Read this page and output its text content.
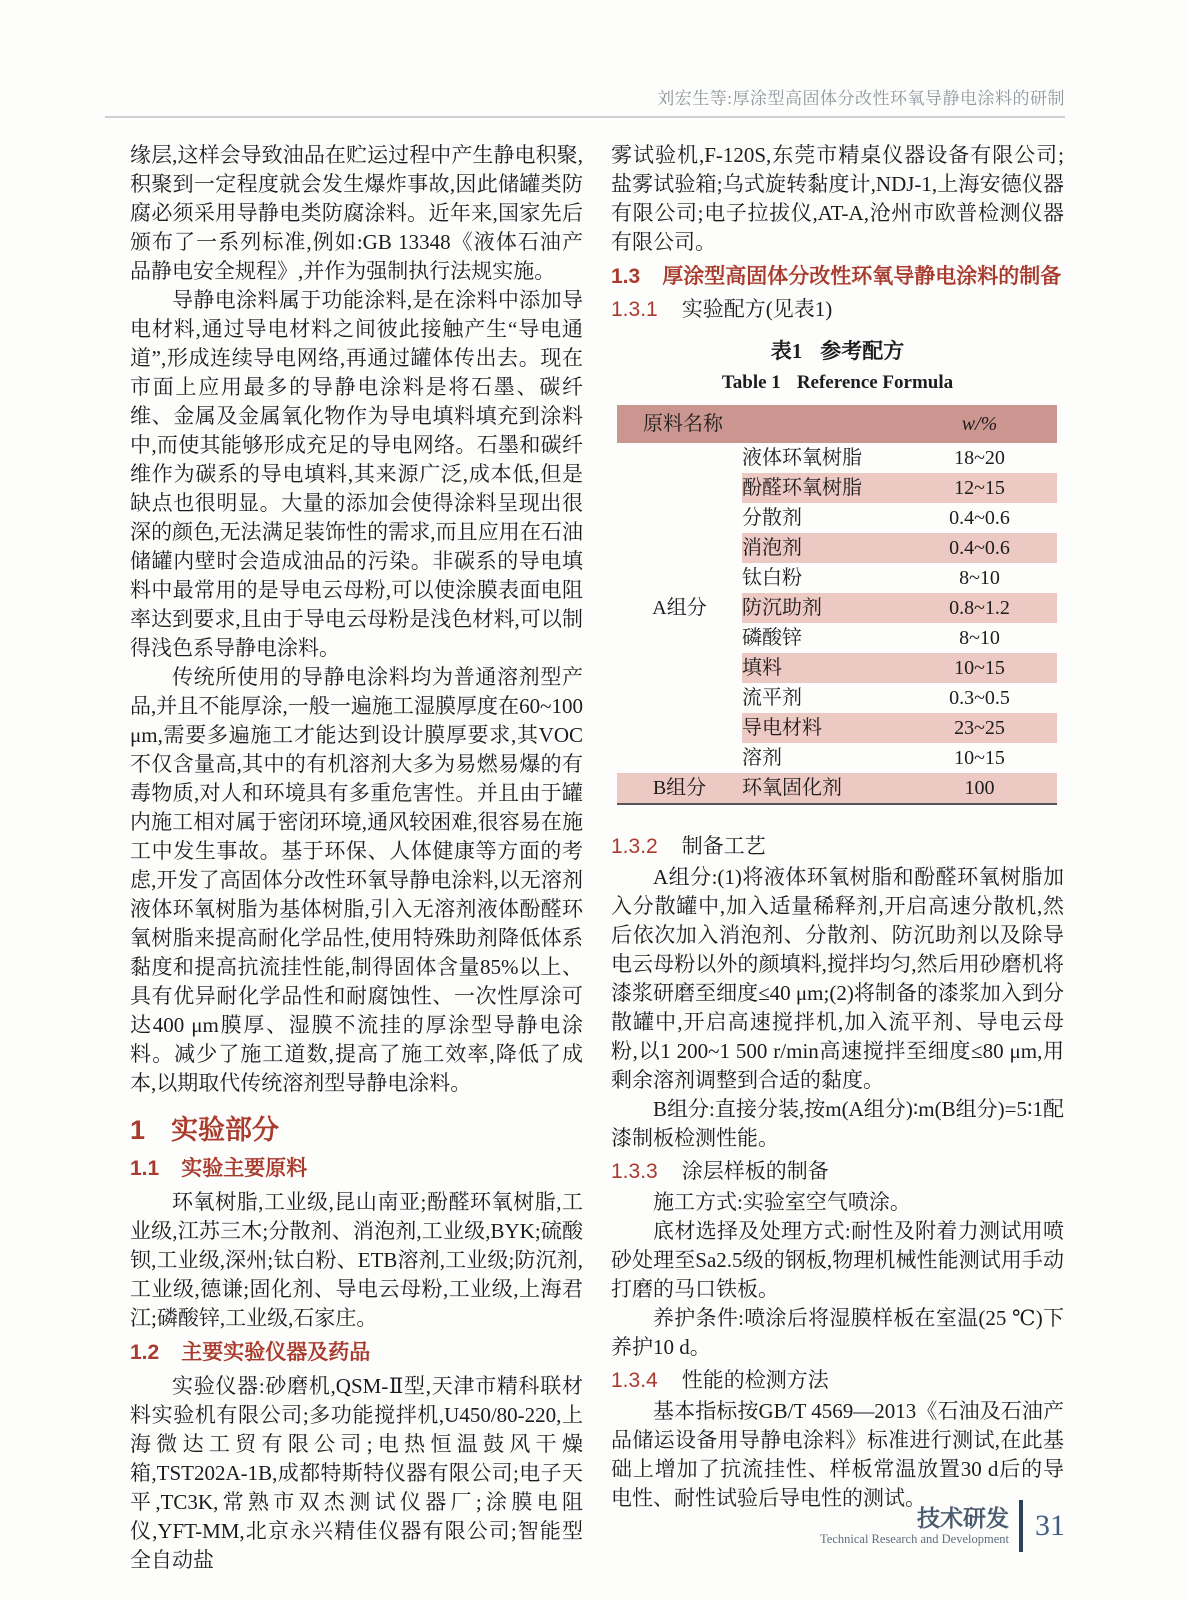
刘宏生等:厚涂型高固体分改性环氧导静电涂料的研制

缘层,这样会导致油品在贮运过程中产生静电积聚,积聚到一定程度就会发生爆炸事故,因此储罐类防腐必须采用导静电类防腐涂料。近年来,国家先后颁布了一系列标准,例如:GB 13348《液体石油产品静电安全规程》,并作为强制执行法规实施。

导静电涂料属于功能涂料,是在涂料中添加导电材料,通过导电材料之间彼此接触产生“导电通道”,形成连续导电网络,再通过罐体传出去。现在市面上应用最多的导静电涂料是将石墨、碳纤维、金属及金属氧化物作为导电填料填充到涂料中,而使其能够形成充足的导电网络。石墨和碳纤维作为碳系的导电填料,其来源广泛,成本低,但是缺点也很明显。大量的添加会使得涂料呈现出很深的颜色,无法满足装饰性的需求,而且应用在石油储罐内壁时会造成油品的污染。非碳系的导电填料中最常用的是导电云母粉,可以使涂膜表面电阻率达到要求,且由于导电云母粉是浅色材料,可以制得浅色系导静电涂料。

传统所使用的导静电涂料均为普通溶剂型产品,并且不能厚涂,一般一遍施工湿膜厚度在60~100 μm,需要多遍施工才能达到设计膜厚要求,其VOC不仅含量高,其中的有机溶剂大多为易燃易爆的有毒物质,对人和环境具有多重危害性。并且由于罐内施工相对属于密闭环境,通风较困难,很容易在施工中发生事故。基于环保、人体健康等方面的考虑,开发了高固体分改性环氧导静电涂料,以无溶剂液体环氧树脂为基体树脂,引入无溶剂液体酚醛环氧树脂来提高耐化学品性,使用特殊助剂降低体系黏度和提高抗流挂性能,制得固体含量85%以上、具有优异耐化学品性和耐腐蚀性、一次性厚涂可达400 μm膜厚、湿膜不流挂的厚涂型导静电涂料。减少了施工道数,提高了施工效率,降低了成本,以期取代传统溶剂型导静电涂料。

1 实验部分
1.1 实验主要原料

环氧树脂,工业级,昆山南亚;酚醛环氧树脂,工业级,江苏三木;分散剂、消泡剂,工业级,BYK;硫酸钡,工业级,深州;钛白粉、ETB溶剂,工业级;防沉剂,工业级,德谦;固化剂、导电云母粉,工业级,上海君江;磷酸锌,工业级,石家庄。

1.2 主要实验仪器及药品

实验仪器:砂磨机,QSM-Ⅱ型,天津市精科联材料实验机有限公司;多功能搅拌机,U450/80-220,上海微达工贸有限公司;电热恒温鼓风干燥箱,TST202A-1B,成都特斯特仪器有限公司;电子天平,TC3K,常熟市双杰测试仪器厂;涂膜电阻仪,YFT-MM,北京永兴精佳仪器有限公司;智能型全自动盐

雾试验机,F-120S,东莞市精桌仪器设备有限公司;盐雾试验箱;乌式旋转黏度计,NDJ-1,上海安德仪器有限公司;电子拉拔仪,AT-A,沧州市欧普检测仪器有限公司。

1.3 厚涂型高固体分改性环氧导静电涂料的制备
1.3.1 实验配方(见表1)
表1 参考配方
Table 1 Reference Formula
原料名称		w/%
A组分	液体环氧树脂	18~20
	酚醛环氧树脂	12~15
	分散剂	0.4~0.6
	消泡剂	0.4~0.6
	钛白粉	8~10
	防沉助剂	0.8~1.2
	磷酸锌	8~10
	填料	10~15
	流平剂	0.3~0.5
	导电材料	23~25
	溶剂	10~15
B组分	环氧固化剂	100
1.3.2 制备工艺

A组分:(1)将液体环氧树脂和酚醛环氧树脂加入分散罐中,加入适量稀释剂,开启高速分散机,然后依次加入消泡剂、分散剂、防沉助剂以及除导电云母粉以外的颜填料,搅拌均匀,然后用砂磨机将漆浆研磨至细度≤40 μm;(2)将制备的漆浆加入到分散罐中,开启高速搅拌机,加入流平剂、导电云母粉,以1 200~1 500 r/min高速搅拌至细度≤80 μm,用剩余溶剂调整到合适的黏度。

B组分:直接分装,按m(A组分)∶m(B组分)=5∶1配漆制板检测性能。

1.3.3 涂层样板的制备

施工方式:实验室空气喷涂。

底材选择及处理方式:耐性及附着力测试用喷砂处理至Sa2.5级的钢板,物理机械性能测试用手动打磨的马口铁板。

养护条件:喷涂后将湿膜样板在室温(25 ℃)下养护10 d。

1.3.4 性能的检测方法

基本指标按GB/T 4569—2013《石油及石油产品储运设备用导静电涂料》标准进行测试,在此基础上增加了抗流挂性、样板常温放置30 d后的导电性、耐性试验后导电性的测试。

技术研发
Technical Research and Development 31
